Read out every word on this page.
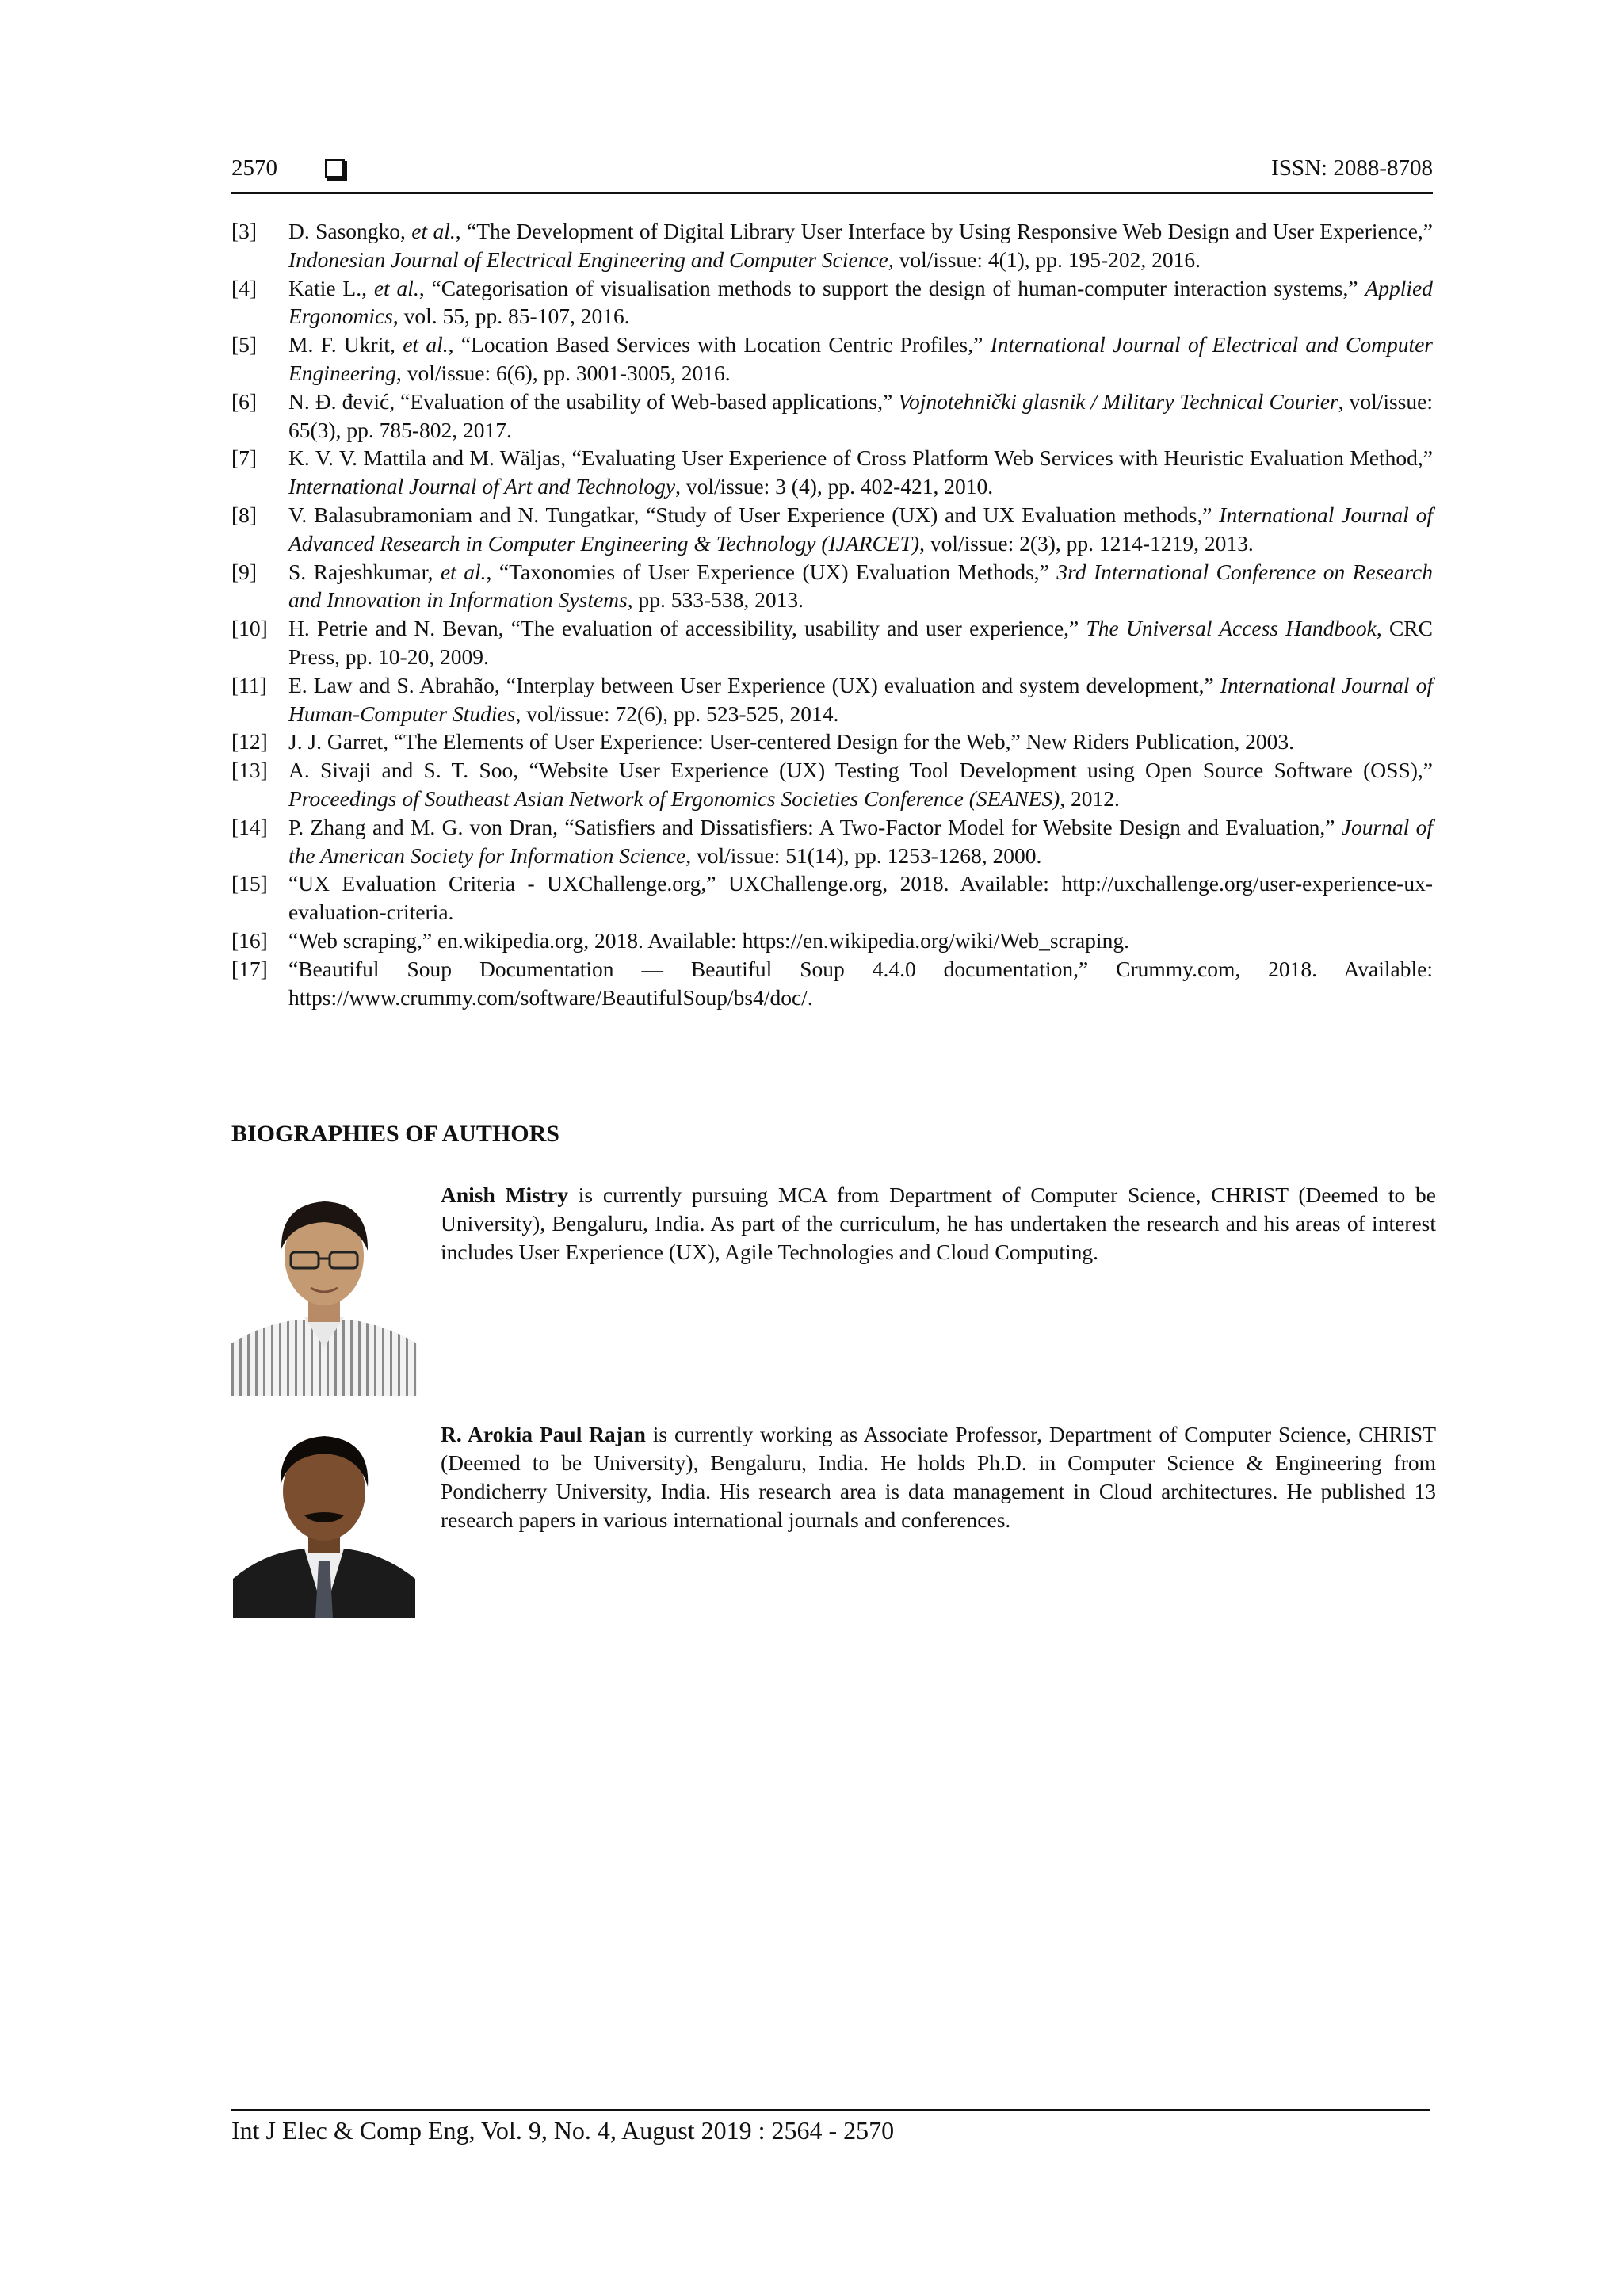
2570	ISSN: 2088-8708
[3]	D. Sasongko, et al., “The Development of Digital Library User Interface by Using Responsive Web Design and User Experience,” Indonesian Journal of Electrical Engineering and Computer Science, vol/issue: 4(1), pp. 195-202, 2016.
[4]	Katie L., et al., “Categorisation of visualisation methods to support the design of human-computer interaction systems,” Applied Ergonomics, vol. 55, pp. 85-107, 2016.
[5]	M. F. Ukrit, et al., “Location Based Services with Location Centric Profiles,” International Journal of Electrical and Computer Engineering, vol/issue: 6(6), pp. 3001-3005, 2016.
[6]	N. Đ. đević, “Evaluation of the usability of Web-based applications,” Vojnotehnički glasnik / Military Technical Courier, vol/issue: 65(3), pp. 785-802, 2017.
[7]	K. V. V. Mattila and M. Wäljas, “Evaluating User Experience of Cross Platform Web Services with Heuristic Evaluation Method,” International Journal of Art and Technology, vol/issue: 3 (4), pp. 402-421, 2010.
[8]	V. Balasubramoniam and N. Tungatkar, “Study of User Experience (UX) and UX Evaluation methods,” International Journal of Advanced Research in Computer Engineering & Technology (IJARCET), vol/issue: 2(3), pp. 1214-1219, 2013.
[9]	S. Rajeshkumar, et al., “Taxonomies of User Experience (UX) Evaluation Methods,” 3rd International Conference on Research and Innovation in Information Systems, pp. 533-538, 2013.
[10] H. Petrie and N. Bevan, “The evaluation of accessibility, usability and user experience,” The Universal Access Handbook, CRC Press, pp. 10-20, 2009.
[11] E. Law and S. Abrahão, “Interplay between User Experience (UX) evaluation and system development,” International Journal of Human-Computer Studies, vol/issue: 72(6), pp. 523-525, 2014.
[12] J. J. Garret, “The Elements of User Experience: User-centered Design for the Web,” New Riders Publication, 2003.
[13] A. Sivaji and S. T. Soo, “Website User Experience (UX) Testing Tool Development using Open Source Software (OSS),” Proceedings of Southeast Asian Network of Ergonomics Societies Conference (SEANES), 2012.
[14] P. Zhang and M. G. von Dran, “Satisfiers and Dissatisfiers: A Two-Factor Model for Website Design and Evaluation,” Journal of the American Society for Information Science, vol/issue: 51(14), pp. 1253-1268, 2000.
[15] “UX Evaluation Criteria - UXChallenge.org,” UXChallenge.org, 2018. Available: http://uxchallenge.org/user-experience-ux-evaluation-criteria.
[16] “Web scraping,” en.wikipedia.org, 2018. Available: https://en.wikipedia.org/wiki/Web_scraping.
[17] “Beautiful Soup Documentation — Beautiful Soup 4.4.0 documentation,” Crummy.com, 2018. Available: https://www.crummy.com/software/BeautifulSoup/bs4/doc/.
BIOGRAPHIES OF AUTHORS
Anish Mistry is currently pursuing MCA from Department of Computer Science, CHRIST (Deemed to be University), Bengaluru, India. As part of the curriculum, he has undertaken the research and his areas of interest includes User Experience (UX), Agile Technologies and Cloud Computing.
R. Arokia Paul Rajan is currently working as Associate Professor, Department of Computer Science, CHRIST (Deemed to be University), Bengaluru, India. He holds Ph.D. in Computer Science & Engineering from Pondicherry University, India. His research area is data management in Cloud architectures. He published 13 research papers in various international journals and conferences.
Int J Elec & Comp Eng, Vol. 9, No. 4, August 2019 : 2564 - 2570
